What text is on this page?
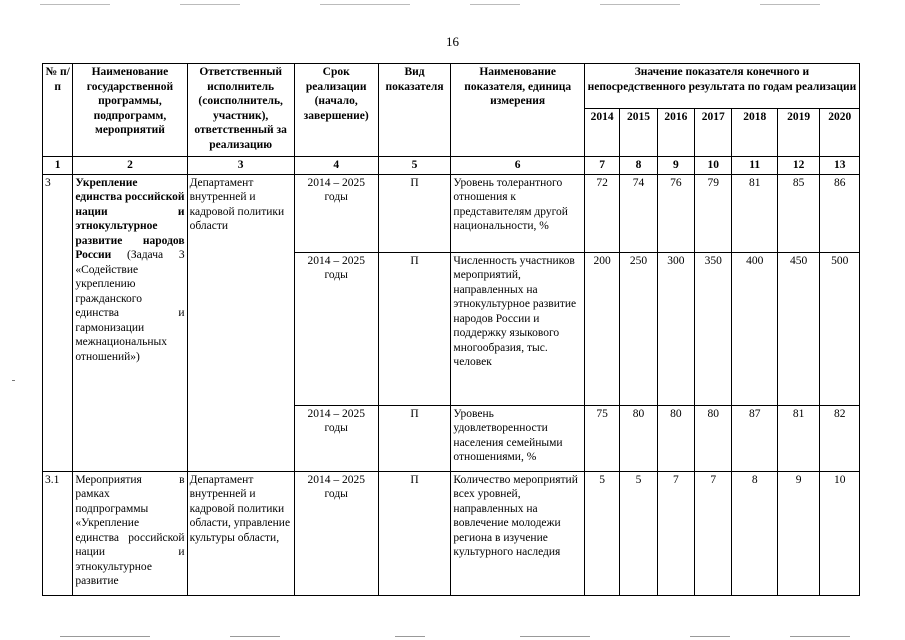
16
№ п/п	Наименование государственной программы, подпрограмм, мероприятий	Ответственный исполнитель (соисполнитель, участник), ответственный за реализацию	Срок реализации (начало, завершение)	Вид показателя	Наименование показателя, единица измерения	Значение показателя конечного и непосредственного результата по годам реализации						
						2014	2015	2016	2017	2018	2019	2020
1	2	3	4	5	6	7	8	9	10	11	12	13
3	Укрепление единства российской нации и этнокультурное развитие народов России (Задача 3 «Содействие укреплению гражданского единства и гармонизации межнациональных отношений»)	Департамент внутренней и кадровой политики области	2014 – 2025 годы	П	Уровень толерантного отношения к представителям другой национальности, %	72	74	76	79	81	85	86
			2014 – 2025 годы	П	Численность участников мероприятий, направленных на этнокультурное развитие народов России и поддержку языкового многообразия, тыс. человек	200	250	300	350	400	450	500
			2014 – 2025 годы	П	Уровень удовлетворенности населения семейными отношениями, %	75	80	80	80	87	81	82
3.1	Мероприятия в рамках подпрограммы «Укрепление единства российской нации и этнокультурное развитие	Департамент внутренней и кадровой политики области, управление культуры области,	2014 – 2025 годы	П	Количество мероприятий всех уровней, направленных на вовлечение молодежи региона в изучение культурного наследия	5	5	7	7	8	9	10
